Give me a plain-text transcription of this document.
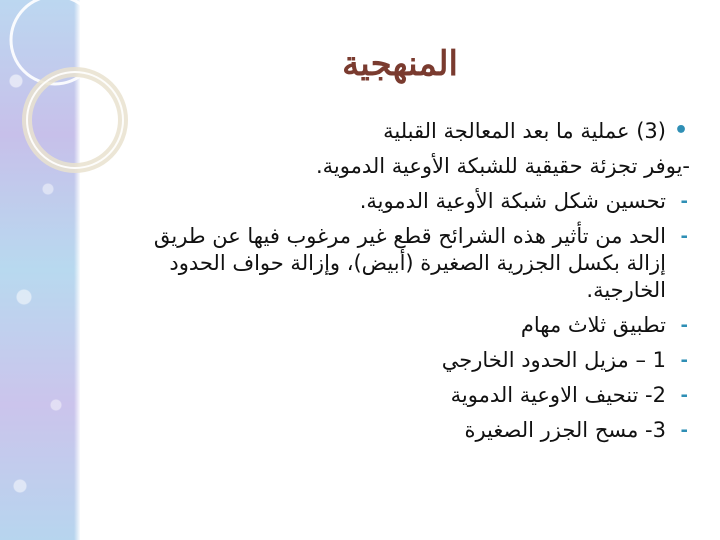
المنهجية
•
(3) عملية ما بعد المعالجة القبلية
-يوفر تجزئة حقيقية للشبكة الأوعية الدموية.
-
تحسين شكل شبكة الأوعية الدموية.
-
الحد من تأثير هذه الشرائح قطع غير مرغوب فيها عن طريق إزالة بكسل الجزرية الصغيرة (أبيض)، وإزالة حواف الحدود الخارجية.
-
تطبيق ثلاث مهام
-
1 – مزيل الحدود الخارجي
-
2- تنحيف الاوعية الدموية
-
3- مسح الجزر الصغيرة
